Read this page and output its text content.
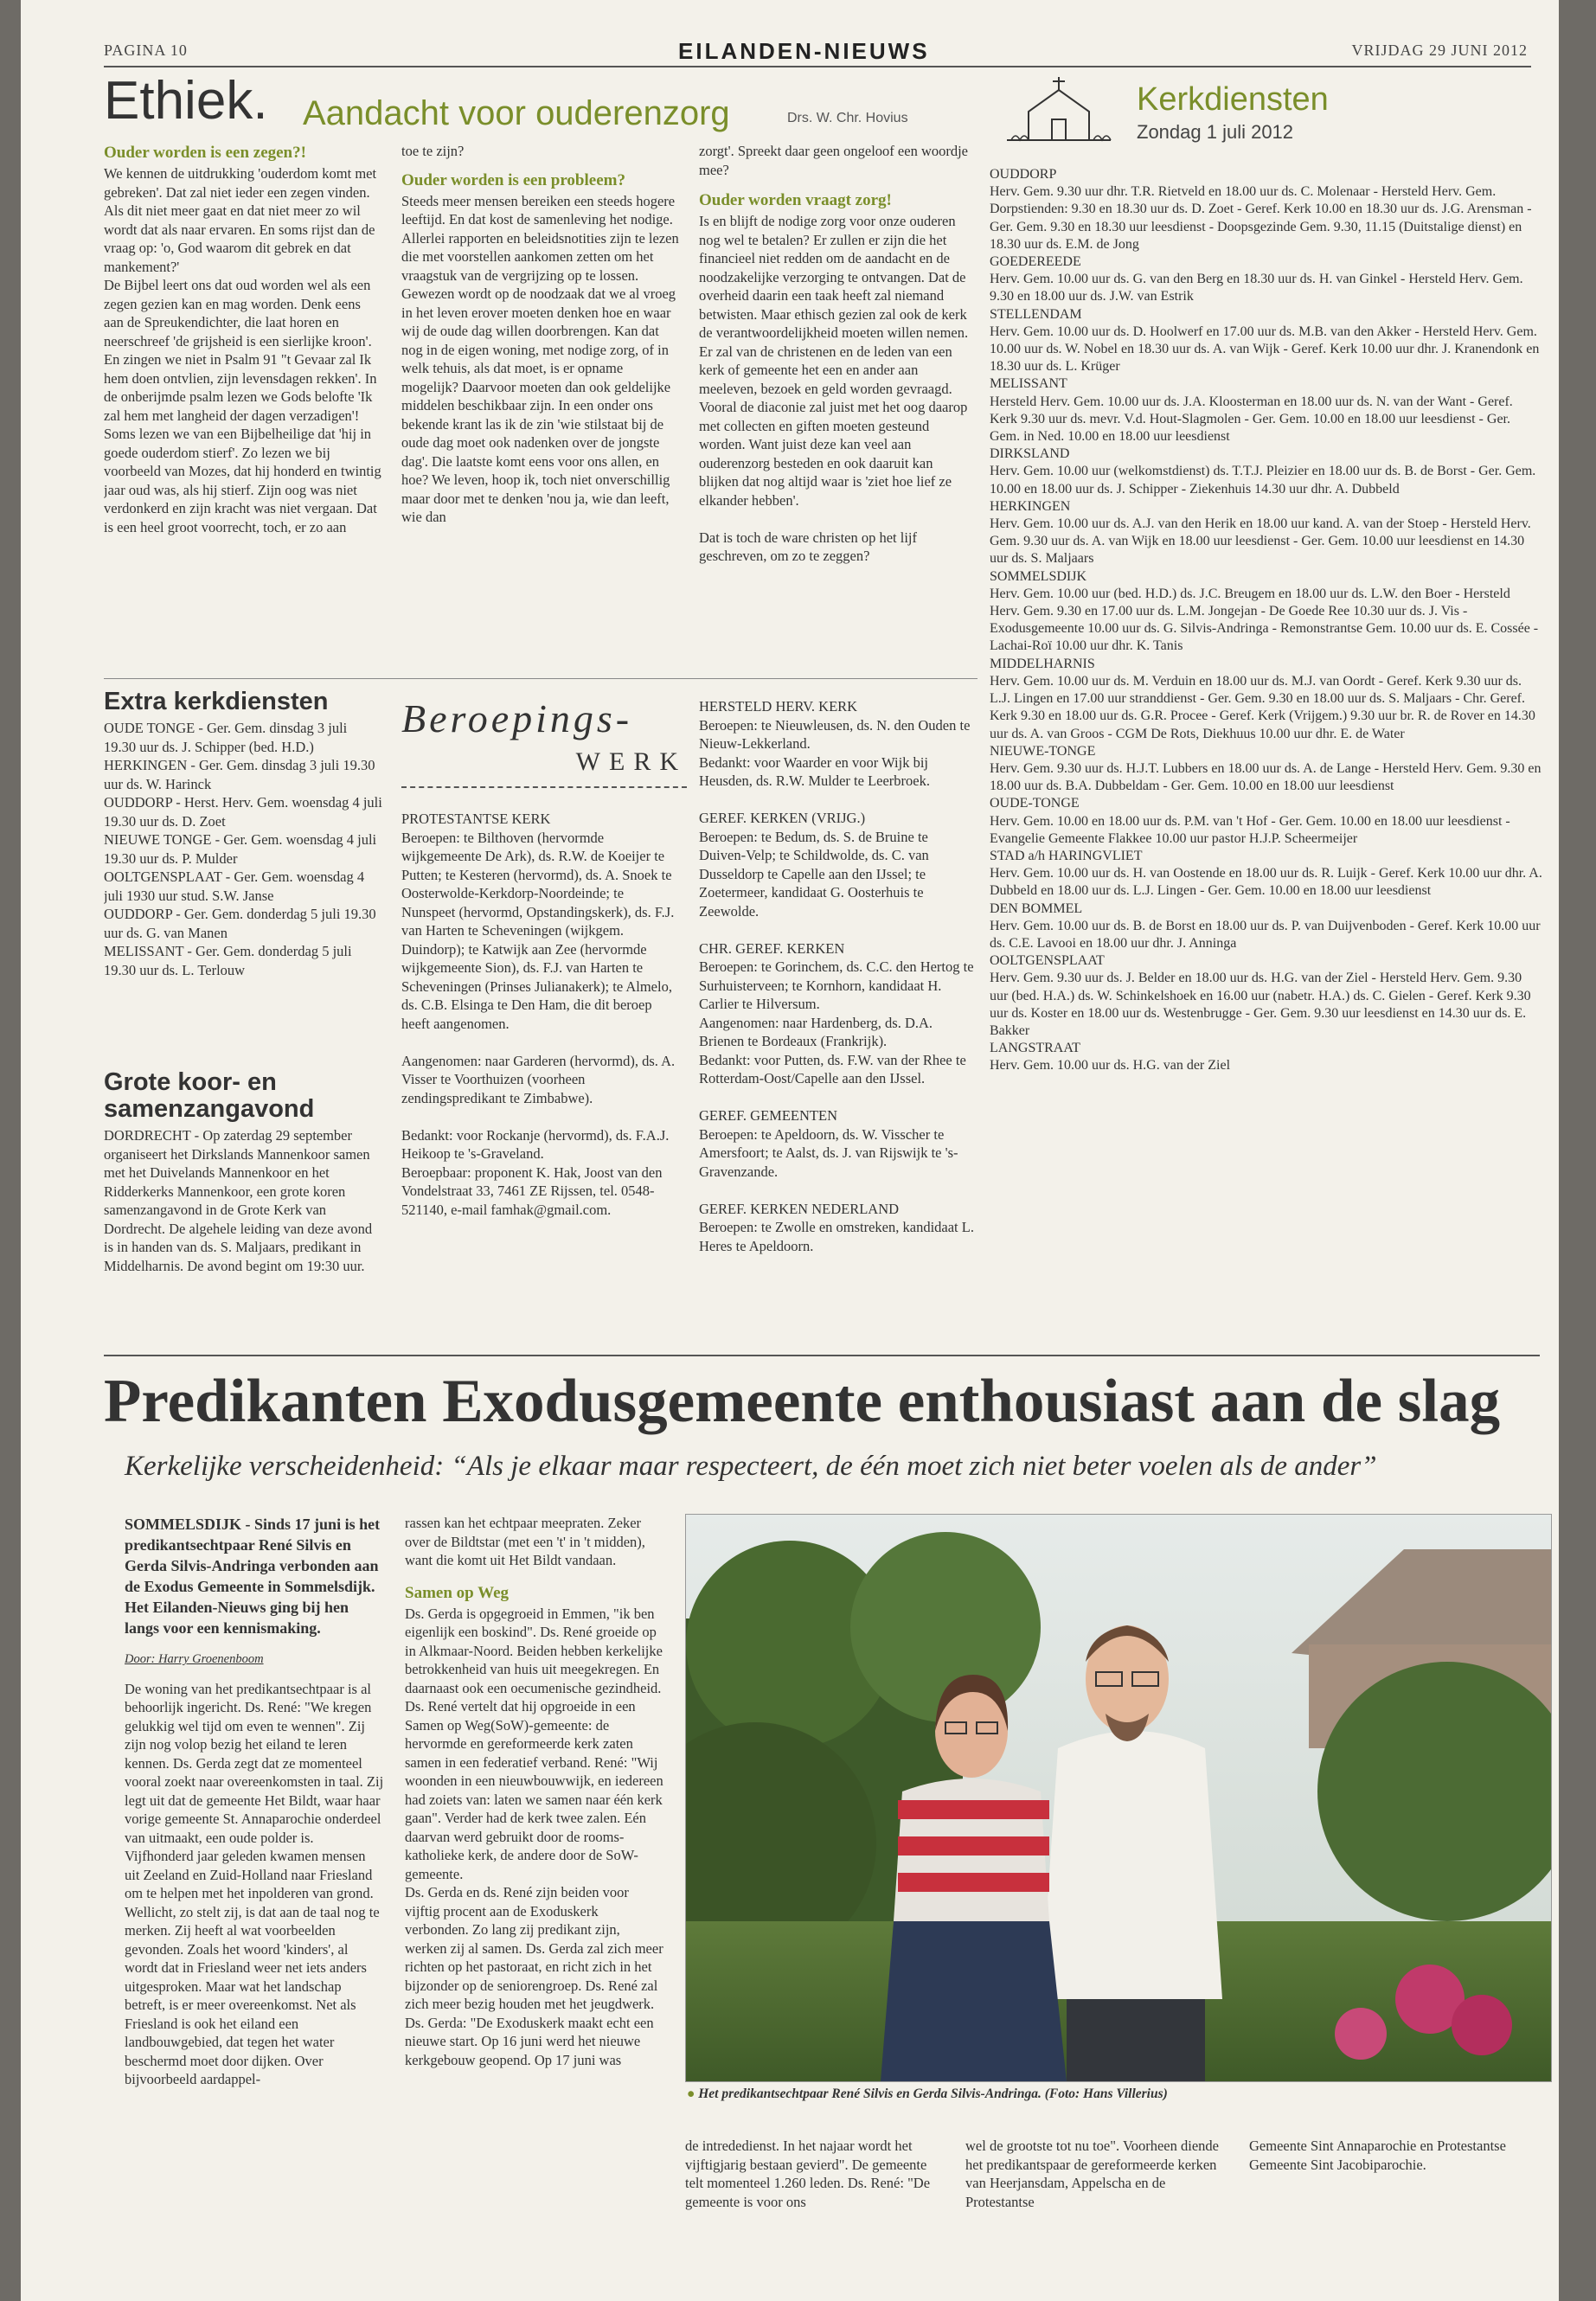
PAGINA 10	EILANDEN-NIEUWS	VRIJDAG 29 JUNI 2012
Ethiek. Aandacht voor ouderenzorg	Drs. W. Chr. Hovius
Ouder worden is een zegen?!
We kennen de uitdrukking 'ouderdom komt met gebreken'. Dat zal niet ieder een zegen vinden. Als dit niet meer gaat en dat niet meer zo wil wordt dat als naar ervaren. En soms rijst dan de vraag op: 'o, God waarom dit gebrek en dat mankement?'
De Bijbel leert ons dat oud worden wel als een zegen gezien kan en mag worden. Denk eens aan de Spreukendichter, die laat horen en neerschreef 'de grijsheid is een sierlijke kroon'. En zingen we niet in Psalm 91 "t Gevaar zal Ik hem doen ontvlien, zijn levensdagen rekken'. In de onberijmde psalm lezen we Gods belofte 'Ik zal hem met langheid der dagen verzadigen'! Soms lezen we van een Bijbelheilige dat 'hij in goede ouderdom stierf'. Zo lezen we bij voorbeeld van Mozes, dat hij honderd en twintig jaar oud was, als hij stierf. Zijn oog was niet verdonkerd en zijn kracht was niet vergaan. Dat is een heel groot voorrecht, toch, er zo aan
toe te zijn?
Ouder worden is een probleem?
Steeds meer mensen bereiken een steeds hogere leeftijd. En dat kost de samenleving het nodige. Allerlei rapporten en beleidsnotities zijn te lezen die met voorstellen aankomen zetten om het vraagstuk van de vergrijzing op te lossen. Gewezen wordt op de noodzaak dat we al vroeg in het leven erover moeten denken hoe en waar wij de oude dag willen doorbrengen. Kan dat nog in de eigen woning, met nodige zorg, of in welk tehuis, als dat moet, is er opname mogelijk? Daarvoor moeten dan ook geldelijke middelen beschikbaar zijn. In een onder ons bekende krant las ik de zin 'wie stilstaat bij de oude dag moet ook nadenken over de jongste dag'. Die laatste komt eens voor ons allen, en hoe? We leven, hoop ik, toch niet onverschillig maar door met te denken 'nou ja, wie dan leeft, wie dan
zorgt'. Spreekt daar geen ongeloof een woordje mee?
Ouder worden vraagt zorg!
Is en blijft de nodige zorg voor onze ouderen nog wel te betalen? Er zullen er zijn die het financieel niet redden om de aandacht en de noodzakelijke verzorging te ontvangen. Dat de overheid daarin een taak heeft zal niemand betwisten. Maar ethisch gezien zal ook de kerk de verantwoordelijkheid moeten willen nemen. Er zal van de christenen en de leden van een kerk of gemeente het een en ander aan meeleven, bezoek en geld worden gevraagd. Vooral de diaconie zal juist met het oog daarop met collecten en giften moeten gesteund worden. Want juist deze kan veel aan ouderenzorg besteden en ook daaruit kan blijken dat nog altijd waar is 'ziet hoe lief ze elkander hebben'.

Dat is toch de ware christen op het lijf geschreven, om zo te zeggen?
Extra kerkdiensten
OUDE TONGE - Ger. Gem. dinsdag 3 juli 19.30 uur ds. J. Schipper (bed. H.D.)
HERKINGEN - Ger. Gem. dinsdag 3 juli 19.30 uur ds. W. Harinck
OUDDORP - Herst. Herv. Gem. woensdag 4 juli 19.30 uur ds. D. Zoet
NIEUWE TONGE - Ger. Gem. woensdag 4 juli 19.30 uur ds. P. Mulder
OOLTGENSPLAAT - Ger. Gem. woensdag 4 juli 1930 uur stud. S.W. Janse
OUDDORP - Ger. Gem. donderdag 5 juli 19.30 uur ds. G. van Manen
MELISSANT - Ger. Gem. donderdag 5 juli 19.30 uur ds. L. Terlouw
Grote koor- en samenzangavond
DORDRECHT - Op zaterdag 29 september organiseert het Dirkslands Mannenkoor samen met het Duivelands Mannenkoor en het Ridderkerks Mannenkoor, een grote koren samenzangavond in de Grote Kerk van Dordrecht. De algehele leiding van deze avond is in handen van ds. S. Maljaars, predikant in Middelharnis. De avond begint om 19:30 uur.
Beroepings-
WERK
PROTESTANTSE KERK
Beroepen: te Bilthoven (hervormde wijkgemeente De Ark), ds. R.W. de Koeijer te Putten; te Kesteren (hervormd), ds. A. Snoek te Oosterwolde-Kerkdorp-Noordeinde; te Nunspeet (hervormd, Opstandingskerk), ds. F.J. van Harten te Scheveningen (wijkgem. Duindorp); te Katwijk aan Zee (hervormde wijkgemeente Sion), ds. F.J. van Harten te Scheveningen (Prinses Julianakerk); te Almelo, ds. C.B. Elsinga te Den Ham, die dit beroep heeft aangenomen.

Aangenomen: naar Garderen (hervormd), ds. A. Visser te Voorthuizen (voorheen zendingspredikant te Zimbabwe).

Bedankt: voor Rockanje (hervormd), ds. F.A.J. Heikoop te 's-Graveland.
Beroepbaar: proponent K. Hak, Joost van den Vondelstraat 33, 7461 ZE Rijssen, tel. 0548-521140, e-mail famhak@gmail.com.
HERSTELD HERV. KERK
Beroepen: te Nieuwleusen, ds. N. den Ouden te Nieuw-Lekkerland.
Bedankt: voor Waarder en voor Wijk bij Heusden, ds. R.W. Mulder te Leerbroek.

GEREF. KERKEN (VRIJG.)
Beroepen: te Bedum, ds. S. de Bruine te Duiven-Velp; te Schildwolde, ds. C. van Dusseldorp te Capelle aan den IJssel; te Zoetermeer, kandidaat G. Oosterhuis te Zeewolde.

CHR. GEREF. KERKEN
Beroepen: te Gorinchem, ds. C.C. den Hertog te Surhuisterveen; te Kornhorn, kandidaat H. Carlier te Hilversum.
Aangenomen: naar Hardenberg, ds. D.A. Brienen te Bordeaux (Frankrijk).
Bedankt: voor Putten, ds. F.W. van der Rhee te Rotterdam-Oost/Capelle aan den IJssel.

GEREF. GEMEENTEN
Beroepen: te Apeldoorn, ds. W. Visscher te Amersfoort; te Aalst, ds. J. van Rijswijk te 's-Gravenzande.

GEREF. KERKEN NEDERLAND
Beroepen: te Zwolle en omstreken, kandidaat L. Heres te Apeldoorn.
Kerkdiensten
Zondag 1 juli 2012
OUDDORP
Herv. Gem. 9.30 uur dhr. T.R. Rietveld en 18.00 uur ds. C. Molenaar - Hersteld Herv. Gem. Dorpstienden: 9.30 en 18.30 uur ds. D. Zoet - Geref. Kerk 10.00 en 18.30 uur ds. J.G. Arensman - Ger. Gem. 9.30 en 18.30 uur leesdienst - Doopsgezinde Gem. 9.30, 11.15 (Duitstalige dienst) en 18.30 uur ds. E.M. de Jong
GOEDEREEDE
Herv. Gem. 10.00 uur ds. G. van den Berg en 18.30 uur ds. H. van Ginkel - Hersteld Herv. Gem. 9.30 en 18.00 uur ds. J.W. van Estrik
STELLENDAM
Herv. Gem. 10.00 uur ds. D. Hoolwerf en 17.00 uur ds. M.B. van den Akker - Hersteld Herv. Gem. 10.00 uur ds. W. Nobel en 18.30 uur ds. A. van Wijk - Geref. Kerk 10.00 uur dhr. J. Kranendonk en 18.30 uur ds. L. Krüger
MELISSANT
Hersteld Herv. Gem. 10.00 uur ds. J.A. Kloosterman en 18.00 uur ds. N. van der Want - Geref. Kerk 9.30 uur ds. mevr. V.d. Hout-Slagmolen - Ger. Gem. 10.00 en 18.00 uur leesdienst - Ger. Gem. in Ned. 10.00 en 18.00 uur leesdienst
DIRKSLAND
Herv. Gem. 10.00 uur (welkomstdienst) ds. T.T.J. Pleizier en 18.00 uur ds. B. de Borst - Ger. Gem. 10.00 en 18.00 uur ds. J. Schipper - Ziekenhuis 14.30 uur dhr. A. Dubbeld
HERKINGEN
Herv. Gem. 10.00 uur ds. A.J. van den Herik en 18.00 uur kand. A. van der Stoep - Hersteld Herv. Gem. 9.30 uur ds. A. van Wijk en 18.00 uur leesdienst - Ger. Gem. 10.00 uur leesdienst en 14.30 uur ds. S. Maljaars
SOMMELSDIJK
Herv. Gem. 10.00 uur (bed. H.D.) ds. J.C. Breugem en 18.00 uur ds. L.W. den Boer - Hersteld Herv. Gem. 9.30 en 17.00 uur ds. L.M. Jongejan - De Goede Ree 10.30 uur ds. J. Vis - Exodusgemeente 10.00 uur ds. G. Silvis-Andringa - Remonstrantse Gem. 10.00 uur ds. E. Cossée - Lachai-Roï 10.00 uur dhr. K. Tanis
MIDDELHARNIS
Herv. Gem. 10.00 uur ds. M. Verduin en 18.00 uur ds. M.J. van Oordt - Geref. Kerk 9.30 uur ds. L.J. Lingen en 17.00 uur stranddienst - Ger. Gem. 9.30 en 18.00 uur ds. S. Maljaars - Chr. Geref. Kerk 9.30 en 18.00 uur ds. G.R. Procee - Geref. Kerk (Vrijgem.) 9.30 uur br. R. de Rover en 14.30 uur ds. A. van Groos - CGM De Rots, Diekhuus 10.00 uur dhr. E. de Water
NIEUWE-TONGE
Herv. Gem. 9.30 uur ds. H.J.T. Lubbers en 18.00 uur ds. A. de Lange - Hersteld Herv. Gem. 9.30 en 18.00 uur ds. B.A. Dubbeldam - Ger. Gem. 10.00 en 18.00 uur leesdienst
OUDE-TONGE
Herv. Gem. 10.00 en 18.00 uur ds. P.M. van 't Hof - Ger. Gem. 10.00 en 18.00 uur leesdienst - Evangelie Gemeente Flakkee 10.00 uur pastor H.J.P. Scheermeijer
STAD a/h HARINGVLIET
Herv. Gem. 10.00 uur ds. H. van Oostende en 18.00 uur ds. R. Luijk - Geref. Kerk 10.00 uur dhr. A. Dubbeld en 18.00 uur ds. L.J. Lingen - Ger. Gem. 10.00 en 18.00 uur leesdienst
DEN BOMMEL
Herv. Gem. 10.00 uur ds. B. de Borst en 18.00 uur ds. P. van Duijvenboden - Geref. Kerk 10.00 uur ds. C.E. Lavooi en 18.00 uur dhr. J. Anninga
OOLTGENSPLAAT
Herv. Gem. 9.30 uur ds. J. Belder en 18.00 uur ds. H.G. van der Ziel - Hersteld Herv. Gem. 9.30 uur (bed. H.A.) ds. W. Schinkelshoek en 16.00 uur (nabetr. H.A.) ds. C. Gielen - Geref. Kerk 9.30 uur ds. Koster en 18.00 uur ds. Westenbrugge - Ger. Gem. 9.30 uur leesdienst en 14.30 uur ds. E. Bakker
LANGSTRAAT
Herv. Gem. 10.00 uur ds. H.G. van der Ziel
Predikanten Exodusgemeente enthousiast aan de slag
Kerkelijke verscheidenheid: “Als je elkaar maar respecteert, de één moet zich niet beter voelen als de ander”
SOMMELSDIJK - Sinds 17 juni is het predikantsechtpaar René Silvis en Gerda Silvis-Andringa verbonden aan de Exodus Gemeente in Sommelsdijk. Het Eilanden-Nieuws ging bij hen langs voor een kennismaking.
Door: Harry Groenenboom
De woning van het predikantsechtpaar is al behoorlijk ingericht. Ds. René: "We kregen gelukkig wel tijd om even te wennen". Zij zijn nog volop bezig het eiland te leren kennen. Ds. Gerda zegt dat ze momenteel vooral zoekt naar overeenkomsten in taal. Zij legt uit dat de gemeente Het Bildt, waar haar vorige gemeente St. Annaparochie onderdeel van uitmaakt, een oude polder is. Vijfhonderd jaar geleden kwamen mensen uit Zeeland en Zuid-Holland naar Friesland om te helpen met het inpolderen van grond. Wellicht, zo stelt zij, is dat aan de taal nog te merken. Zij heeft al wat voorbeelden gevonden. Zoals het woord 'kinders', al wordt dat in Friesland weer net iets anders uitgesproken. Maar wat het landschap betreft, is er meer overeenkomst. Net als Friesland is ook het eiland een landbouwgebied, dat tegen het water beschermd moet door dijken. Over bijvoorbeeld aardappel-
rassen kan het echtpaar meepraten. Zeker over de Bildtstar (met een 't' in 't midden), want die komt uit Het Bildt vandaan.
Samen op Weg
Ds. Gerda is opgegroeid in Emmen, "ik ben eigenlijk een boskind". Ds. René groeide op in Alkmaar-Noord. Beiden hebben kerkelijke betrokkenheid van huis uit meegekregen. En daarnaast ook een oecumenische gezindheid. Ds. René vertelt dat hij opgroeide in een Samen op Weg(SoW)-gemeente: de hervormde en gereformeerde kerk zaten samen in een federatief verband. René: "Wij woonden in een nieuwbouwwijk, en iedereen had zoiets van: laten we samen naar één kerk gaan". Verder had de kerk twee zalen. Eén daarvan werd gebruikt door de rooms-katholieke kerk, de andere door de SoW-gemeente.
Ds. Gerda en ds. René zijn beiden voor vijftig procent aan de Exoduskerk verbonden. Zo lang zij predikant zijn, werken zij al samen. Ds. Gerda zal zich meer richten op het pastoraat, en richt zich in het bijzonder op de seniorengroep. Ds. René zal zich meer bezig houden met het jeugdwerk. Ds. Gerda: "De Exoduskerk maakt echt een nieuwe start. Op 16 juni werd het nieuwe kerkgebouw geopend. Op 17 juni was
● Het predikantsechtpaar René Silvis en Gerda Silvis-Andringa. (Foto: Hans Villerius)
de intrededienst. In het najaar wordt het vijftigjarig bestaan gevierd". De gemeente telt momenteel 1.260 leden. Ds. René: "De gemeente is voor ons
wel de grootste tot nu toe". Voorheen diende het predikantspaar de gereformeerde kerken van Heerjansdam, Appelscha en de Protestantse
Gemeente Sint Annaparochie en Protestantse Gemeente Sint Jacobiparochie.
